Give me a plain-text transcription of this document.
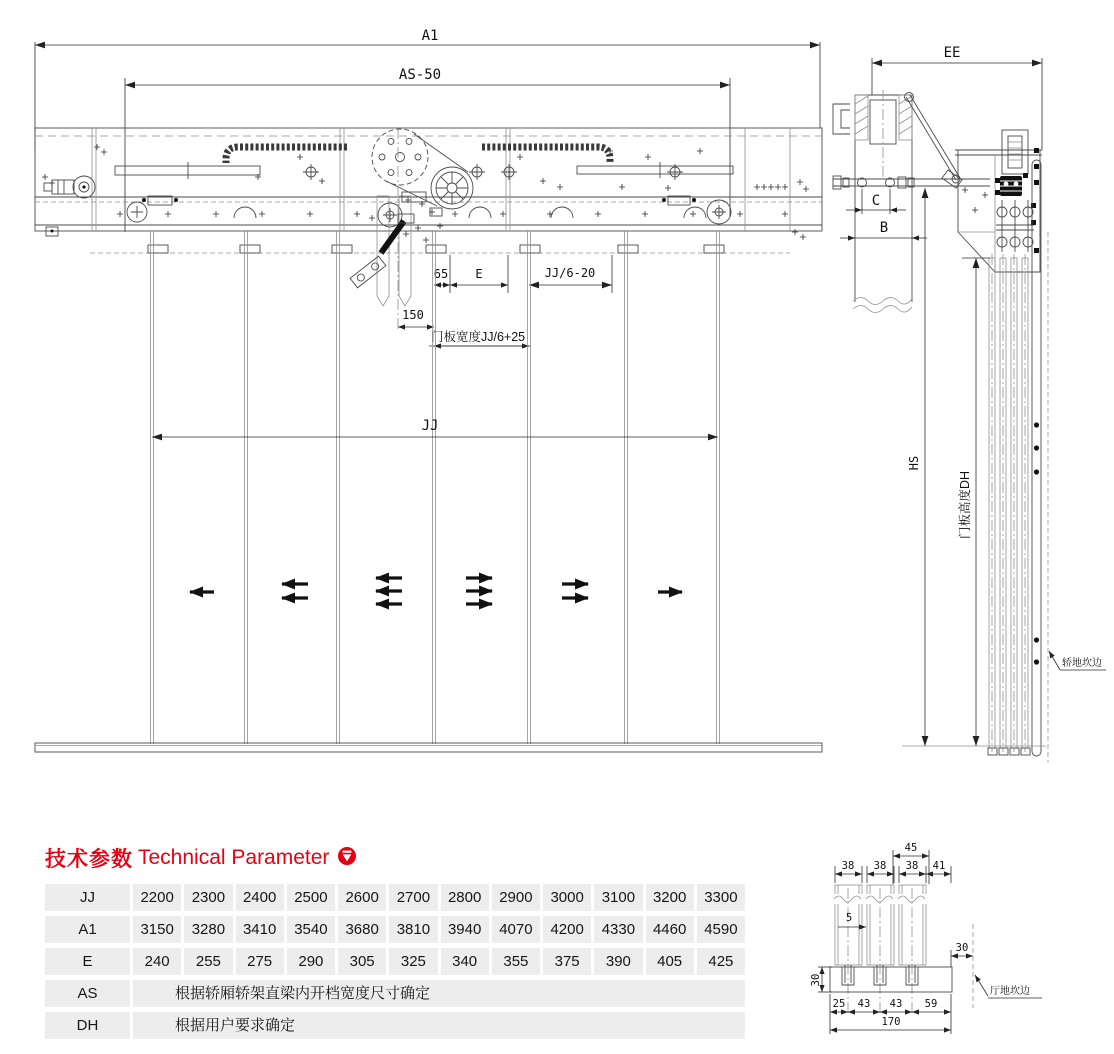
A1
AS-50
65 E	JJ/6-20
150
门板宽度JJ/6+25
JJ
EE
C
B
HS
门板高度DH
轿地坎边
45
38 38 38 41
5
30
30
厅地坎边
25 43 43 59
170
技术参数 Technical Parameter
JJ	2200	2300	2400	2500	2600	2700	2800	2900	3000	3100	3200	3300
A1	3150	3280	3410	3540	3680	3810	3940	4070	4200	4330	4460	4590
E	240	255	275	290	305	325	340	355	375	390	405	425
AS	根据轿厢轿架直梁内开档宽度尺寸确定
DH	根据用户要求确定
